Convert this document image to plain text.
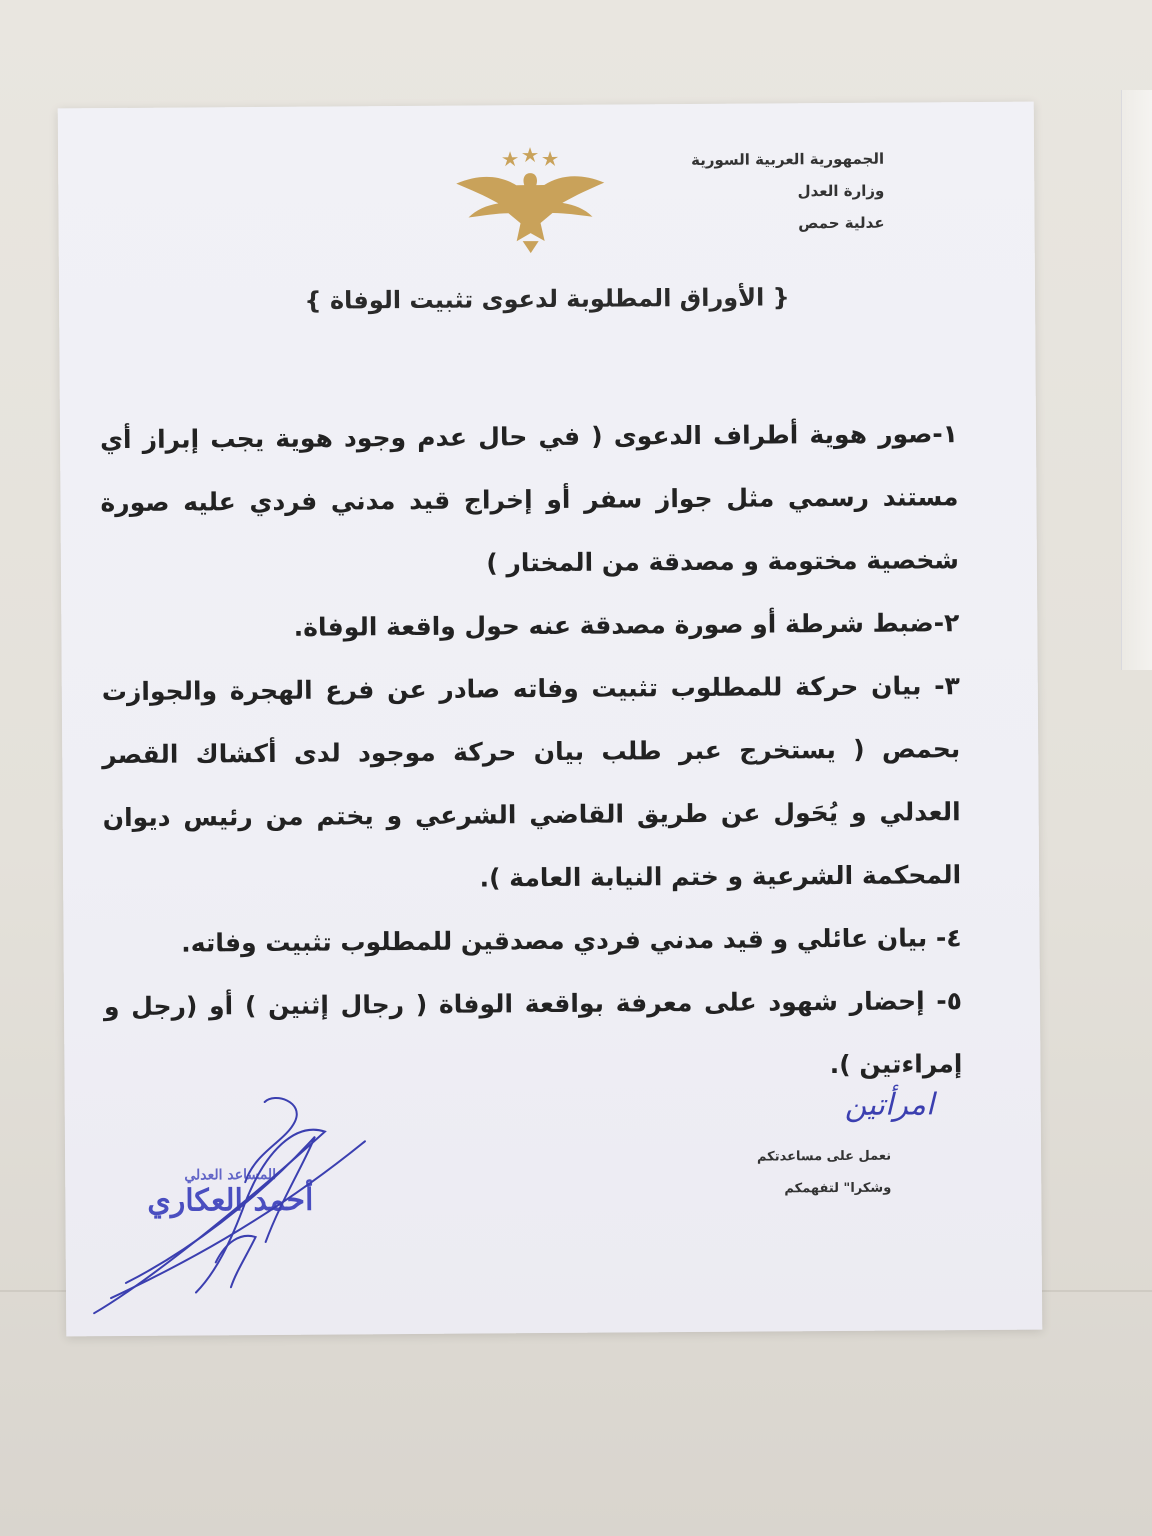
الجمهورية العربية السورية
وزارة العدل
عدلية حمص
{ الأوراق المطلوبة لدعوى تثبيت الوفاة }

١-صور هوية أطراف الدعوى ( في حال عدم وجود هوية يجب إبراز أي مستند رسمي مثل جواز سفر أو إخراج قيد مدني فردي عليه صورة شخصية مختومة و مصدقة من المختار )

٢-ضبط شرطة أو صورة مصدقة عنه حول واقعة الوفاة.

٣- بيان حركة للمطلوب تثبيت وفاته صادر عن فرع الهجرة والجوازت بحمص ( يستخرج عبر طلب بيان حركة موجود لدى أكشاك القصر العدلي و يُحَول عن طريق القاضي الشرعي و يختم من رئيس ديوان المحكمة الشرعية و ختم النيابة العامة ).

٤- بيان عائلي و قيد مدني فردي مصدقين للمطلوب تثبيت وفاته.

٥- إحضار شهود على معرفة بواقعة الوفاة ( رجال إثنين ) أو (رجل و إمراءتين ).

امرأتين
نعمل على مساعدتكم
وشكرا" لتفهمكم
المساعد العدلي
أحمد العكاري
